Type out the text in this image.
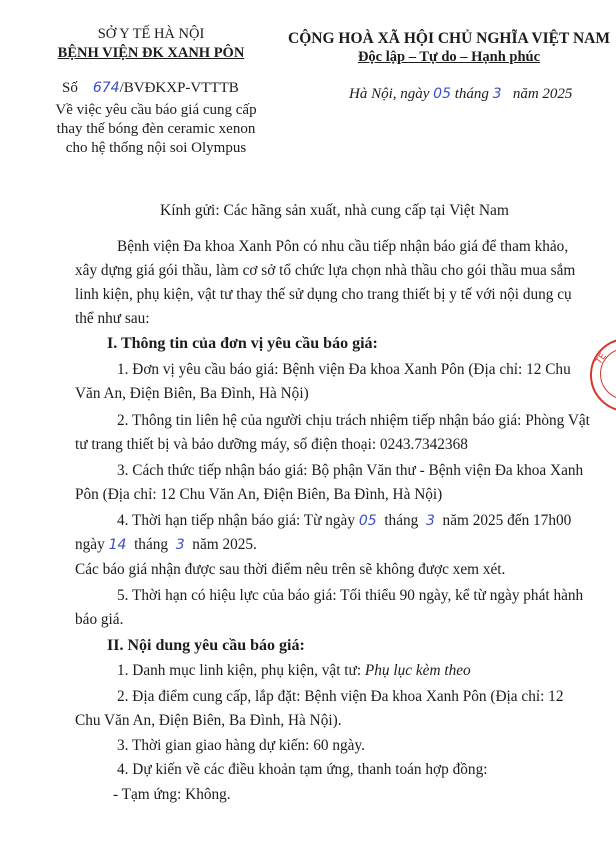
SỞ Y TẾ HÀ NỘI
BỆNH VIỆN ĐK XANH PÔN
CỘNG HOÀ XÃ HỘI CHỦ NGHĨA VIỆT NAM
Độc lập – Tự do – Hạnh phúc
Số 674/BVĐKXP-VTTTB	Hà Nội, ngày 05 tháng 3 năm 2025
Về việc yêu cầu báo giá cung cấp
thay thế bóng đèn ceramic xenon
cho hệ thống nội soi Olympus
Kính gửi: Các hãng sản xuất, nhà cung cấp tại Việt Nam
Bệnh viện Đa khoa Xanh Pôn có nhu cầu tiếp nhận báo giá để tham khảo,
xây dựng giá gói thầu, làm cơ sở tổ chức lựa chọn nhà thầu cho gói thầu mua sắm
linh kiện, phụ kiện, vật tư thay thế sử dụng cho trang thiết bị y tế với nội dung cụ
thể như sau:
I. Thông tin của đơn vị yêu cầu báo giá:
1. Đơn vị yêu cầu báo giá: Bệnh viện Đa khoa Xanh Pôn (Địa chỉ: 12 Chu
Văn An, Điện Biên, Ba Đình, Hà Nội)
2. Thông tin liên hệ của người chịu trách nhiệm tiếp nhận báo giá: Phòng Vật
tư trang thiết bị và bảo dưỡng máy, số điện thoại: 0243.7342368
3. Cách thức tiếp nhận báo giá: Bộ phận Văn thư - Bệnh viện Đa khoa Xanh
Pôn (Địa chỉ: 12 Chu Văn An, Điện Biên, Ba Đình, Hà Nội)
4. Thời hạn tiếp nhận báo giá: Từ ngày 05 tháng 3 năm 2025 đến 17h00
ngày 14 tháng 3 năm 2025.
Các báo giá nhận được sau thời điểm nêu trên sẽ không được xem xét.
5. Thời hạn có hiệu lực của báo giá: Tối thiểu 90 ngày, kể từ ngày phát hành
báo giá.
II. Nội dung yêu cầu báo giá:
1. Danh mục linh kiện, phụ kiện, vật tư: Phụ lục kèm theo
2. Địa điểm cung cấp, lắp đặt: Bệnh viện Đa khoa Xanh Pôn (Địa chỉ: 12
Chu Văn An, Điện Biên, Ba Đình, Hà Nội).
3. Thời gian giao hàng dự kiến: 60 ngày.
4. Dự kiến về các điều khoản tạm ứng, thanh toán hợp đồng:
- Tạm ứng: Không.
TẾ
